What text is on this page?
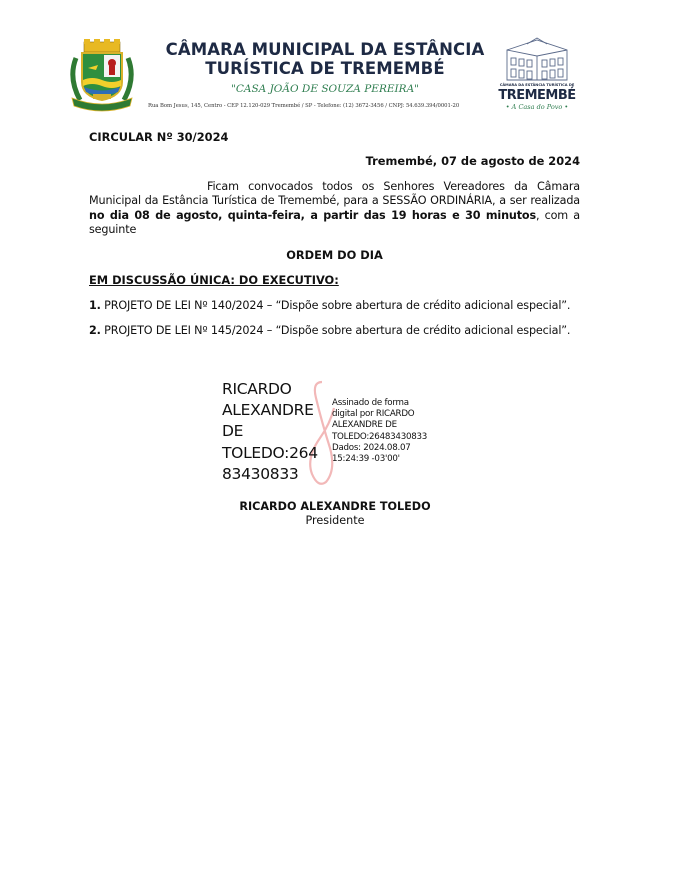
CÂMARA MUNICIPAL DA ESTÂNCIA
TURÍSTICA DE TREMEMBÉ
"CASA JOÃO DE SOUZA PEREIRA"
Rua Bom Jesus, 145, Centro - CEP 12.120-029 Tremembé / SP - Telefone: (12) 3672-3456 / CNPJ: 54.639.394/0001-20
CÂMARA DA ESTÂNCIA TURÍSTICA DE
TREMEMBÉ
• A Casa do Povo •
CIRCULAR Nº 30/2024
Tremembé, 07 de agosto de 2024
Ficam convocados todos os Senhores Vereadores da Câmara Municipal da Estância Turística de Tremembé, para a SESSÃO ORDINÁRIA, a ser realizada no dia 08 de agosto, quinta-feira, a partir das 19 horas e 30 minutos, com a seguinte
ORDEM DO DIA
EM DISCUSSÃO ÚNICA: DO EXECUTIVO:
1. PROJETO DE LEI Nº 140/2024 – “Dispõe sobre abertura de crédito adicional especial”.
2. PROJETO DE LEI Nº 145/2024 – “Dispõe sobre abertura de crédito adicional especial”.
RICARDO
ALEXANDRE
DE
TOLEDO:264
83430833
Assinado de forma
digital por RICARDO
ALEXANDRE DE
TOLEDO:26483430833
Dados: 2024.08.07
15:24:39 -03'00'
RICARDO ALEXANDRE TOLEDO
Presidente
